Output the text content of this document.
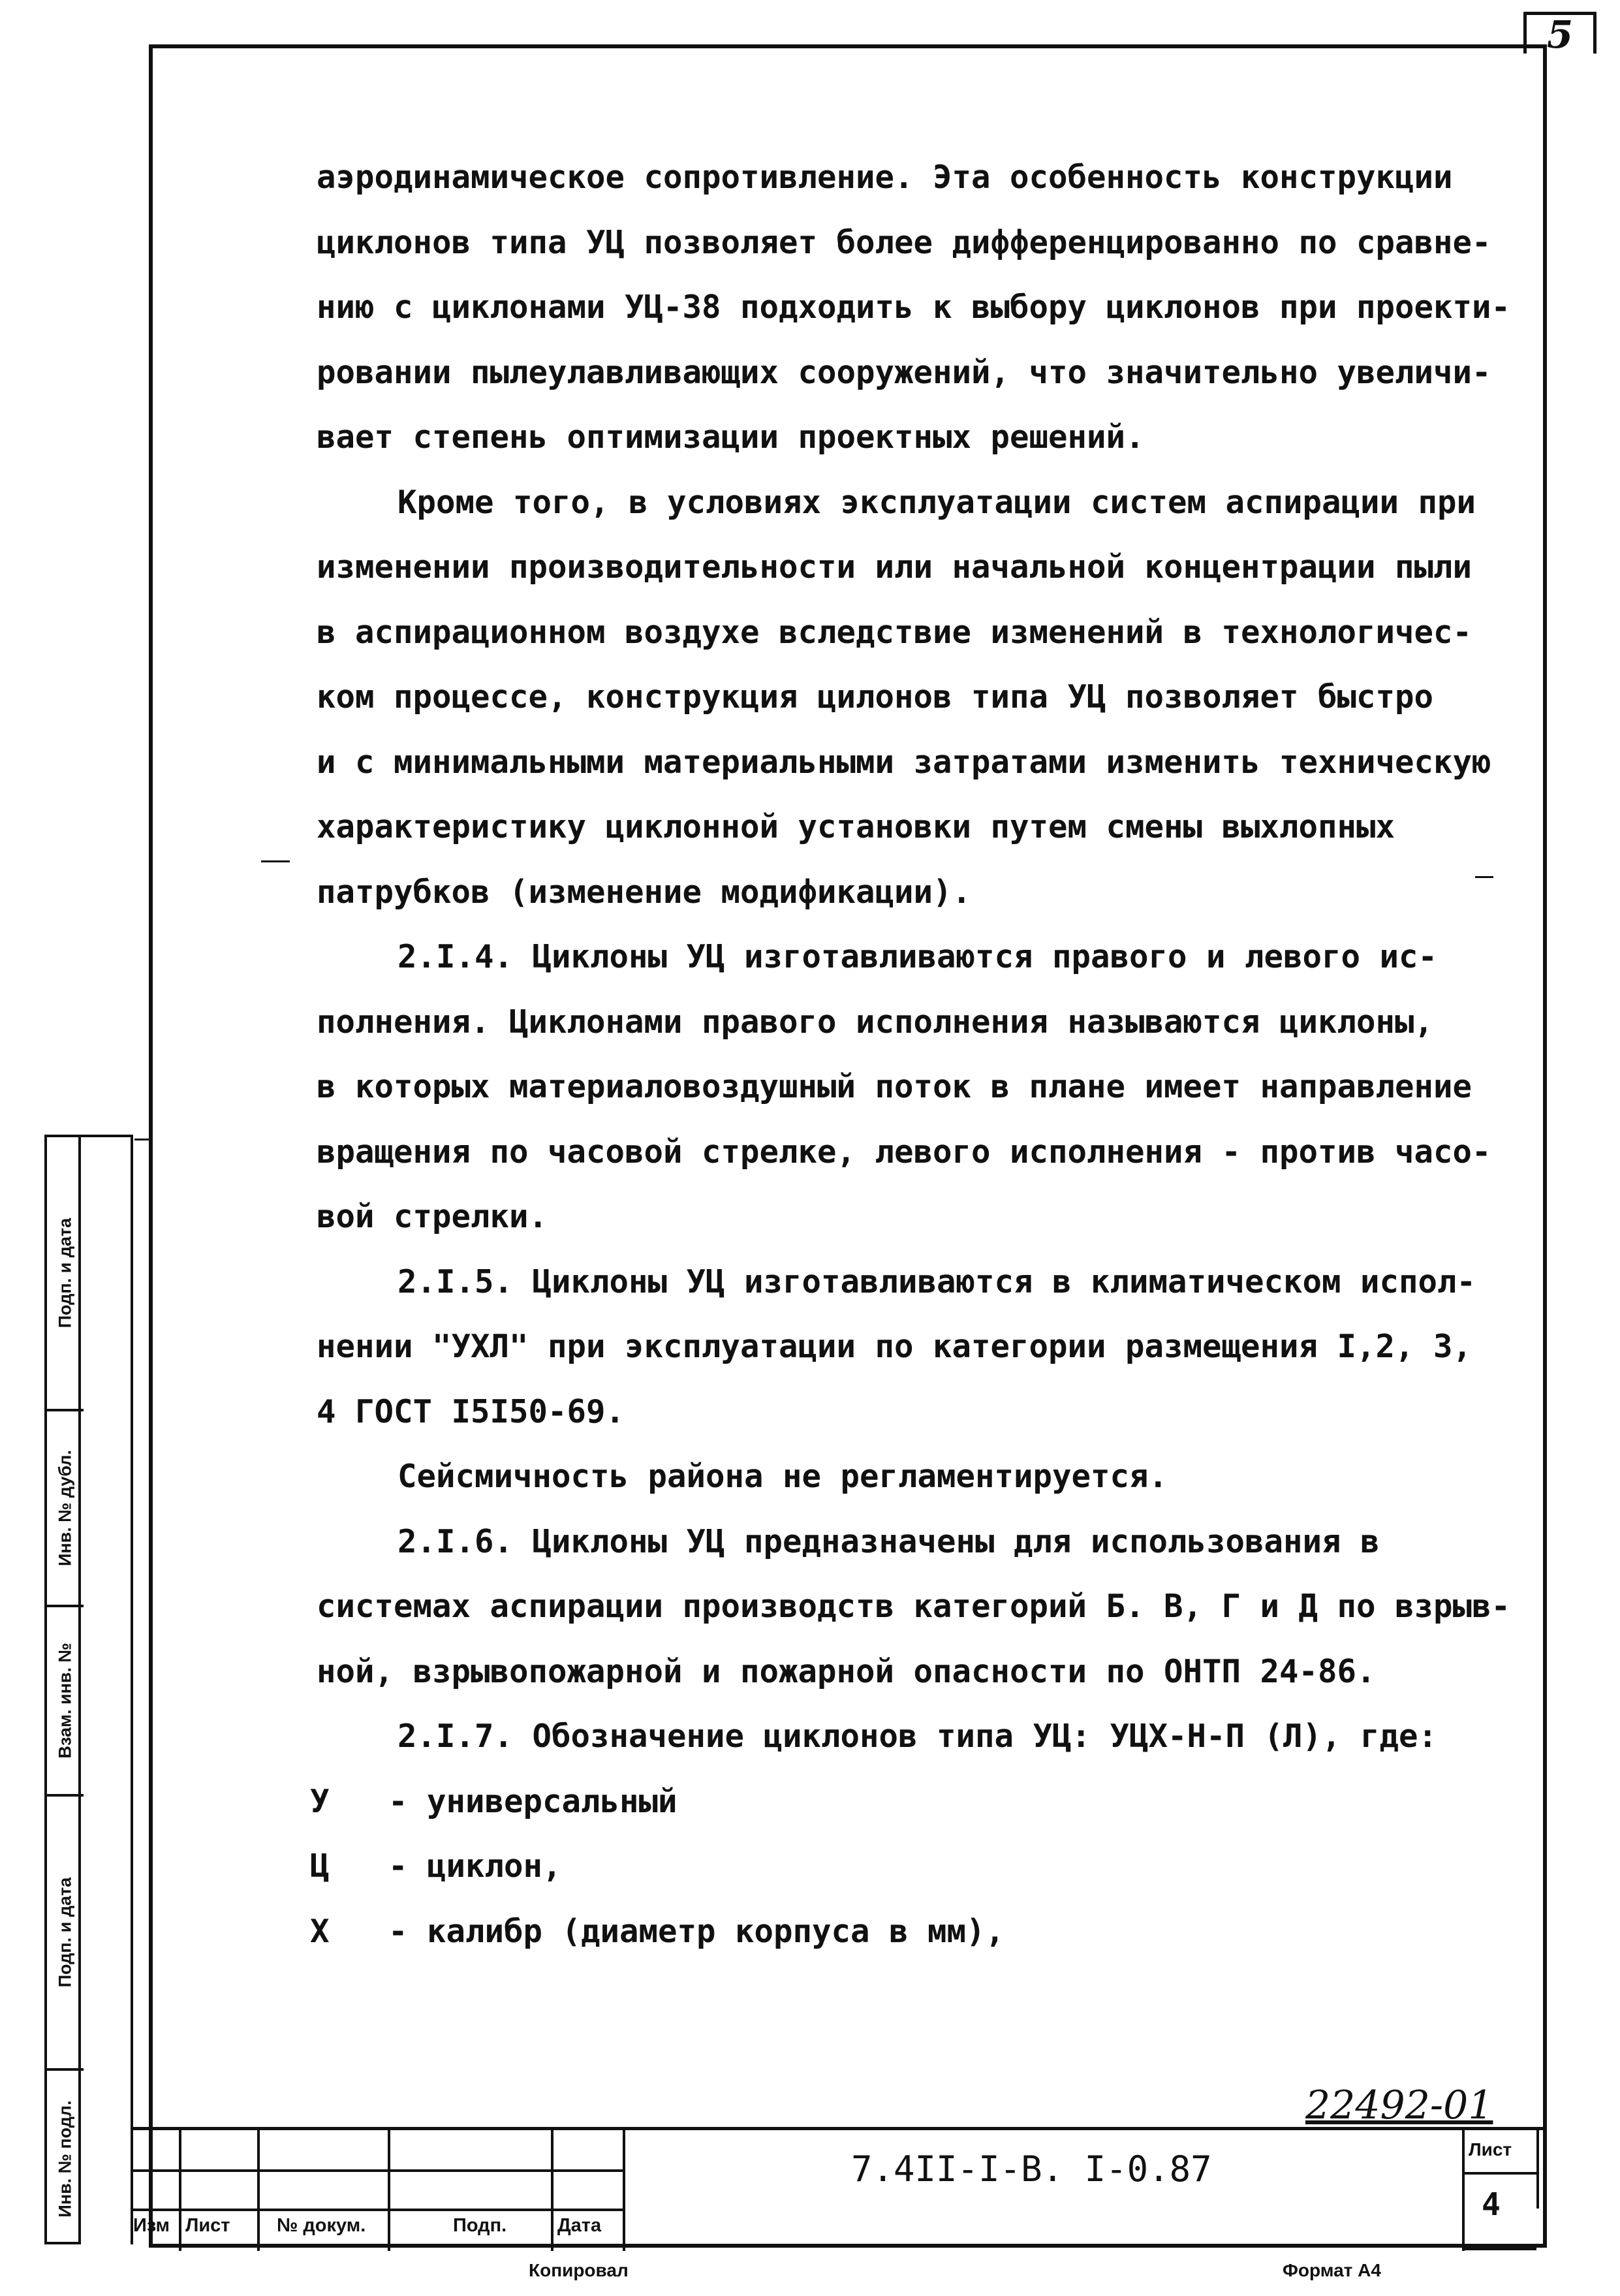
5
аэродинамическое сопротивление. Эта особенность конструкции
циклонов типа УЦ позволяет более дифференцированно по сравне-
нию с циклонами УЦ-38 подходить к выбору циклонов при проекти-
ровании пылеулавливающих сооружений, что значительно увеличи-
вает степень оптимизации проектных решений.
Кроме того, в условиях эксплуатации систем аспирации при
изменении производительности или начальной концентрации пыли
в аспирационном воздухе вследствие изменений в технологичес-
ком процессе, конструкция цилонов типа УЦ позволяет быстро
и с минимальными материальными затратами изменить техническую
характеристику циклонной установки путем смены выхлопных
патрубков (изменение модификации).
2.I.4. Циклоны УЦ изготавливаются правого и левого ис-
полнения. Циклонами правого исполнения называются циклоны,
в которых материаловоздушный поток в плане имеет направление
вращения по часовой стрелке, левого исполнения - против часо-
вой стрелки.
2.I.5. Циклоны УЦ изготавливаются в климатическом испол-
нении "УХЛ" при эксплуатации по категории размещения I,2, 3,
4 ГОСТ I5I50-69.
Сейсмичность района не регламентируется.
2.I.6. Циклоны УЦ предназначены для использования в
системах аспирации производств категорий Б. В, Г и Д по взрыв-
ной, взрывопожарной и пожарной опасности по ОНТП 24-86.
2.I.7. Обозначение циклонов типа УЦ: УЦХ-Н-П (Л), где:
У - универсальный
Ц - циклон,
Х - калибр (диаметр корпуса в мм),
Подп. и дата
Инв. № дубл.
Взам. инв. №
Подп. и дата
Инв. № подл.
Изм Лист № докум.	Подп.	Дата
7.4II-I-В. I-0.87	Лист
4
22492-01
Копировал	Формат А4
